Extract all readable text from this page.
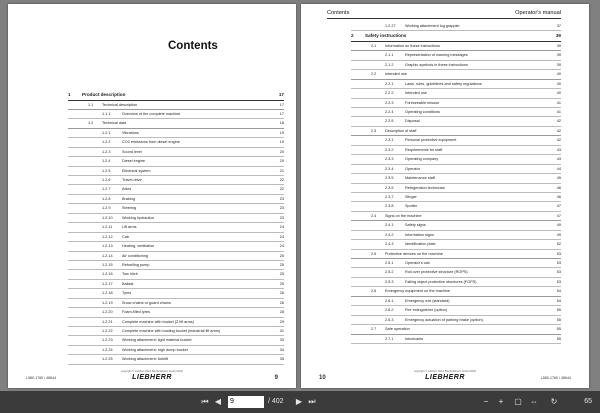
Contents
1 Product description	17
1.1 Technical description	17
1.1.1	Overview of the complete machine	17
1.2 Technical data	18
1.2.1	Vibrations	19
1.2.2	CO2 emissions from diesel engine	19
1.2.3	Sound level	20
1.2.4	Diesel engine	20
1.2.5	Electrical system	21
1.2.6	Travel drive	22
1.2.7	Axles	22
1.2.8	Braking	23
1.2.9	Steering	23
1.2.10 Working hydraulics	23
1.2.11	Lift arms	24
1.2.12 Cab	24
1.2.13 Heating, ventilation	24
1.2.14 Air conditioning	25
1.2.15 Refuelling pump	25
1.2.16 Tow hitch	25
1.2.17 Ballast	25
1.2.18 Tyres	26
1.2.19 Snow chains or guard chains	26
1.2.20 Foam-filled tyres	28
1.2.21 Complete machine with bucket (Z lift arms)	29
1.2.22 Complete machine with loading bucket (industrial lift arms)	31
1.2.23 Working attachment: light material bucket	33
1.2.24 Working attachment: high dump bucket	34
1.2.25 Working attachment: forklift	35
L580-1760 / 48644
copyright © Liebherr-Werk Bischofshofen GmbH 2020
LIEBHERR	9
Contents	Operator's manual
1.2.27 Working attachment log grappler	37
2 Safety instructions	39
2.1 Information on these instructions	39
2.1.1	Representation of warning messages	39
2.1.2	Graphic symbols in these instructions	39
2.2 Intended use	40
2.2.1	Laws, rules, guidelines and safety regulations	40
2.2.2	Intended use	40
2.2.3	Foreseeable misuse	41
2.2.4	Operating conditions	41
2.2.5	Disposal	42
2.3 Description of staff	42
2.3.1	Personal protective equipment	42
2.3.2	Requirements for staff	43
2.3.3	Operating company	43
2.3.4	Operator	44
2.3.5	Maintenance staff	45
2.3.6	Refrigeration technician	46
2.3.7	Slinger	46
2.3.8	Spotter	47
2.4 Signs on the machine	47
2.4.1	Safety signs	49
2.4.2	Information signs	49
2.4.3	Identification plate	52
2.5 Protective devices on the machine	53
2.5.1	Operator's cab	53
2.5.2	Roll over protective structure (ROPS)	53
2.5.3	Falling object protective structures (FOPS)	53
2.6 Emergency equipment on the machine	54
2.6.1	Emergency exit (standard)	54
2.6.2	Fire extinguisher (option)	55
2.6.3	Emergency actuation of parking brake (option)	55
2.7 Safe operation	55
2.7.1	Intoxicants	55
10
copyright © Liebherr-Werk Bischofshofen GmbH 2020
LIEBHERR	L580-1760 / 48644
⏮ ◀
9	/ 402 ▶ ⏭	−	+	▢ ⇔	↻	65
